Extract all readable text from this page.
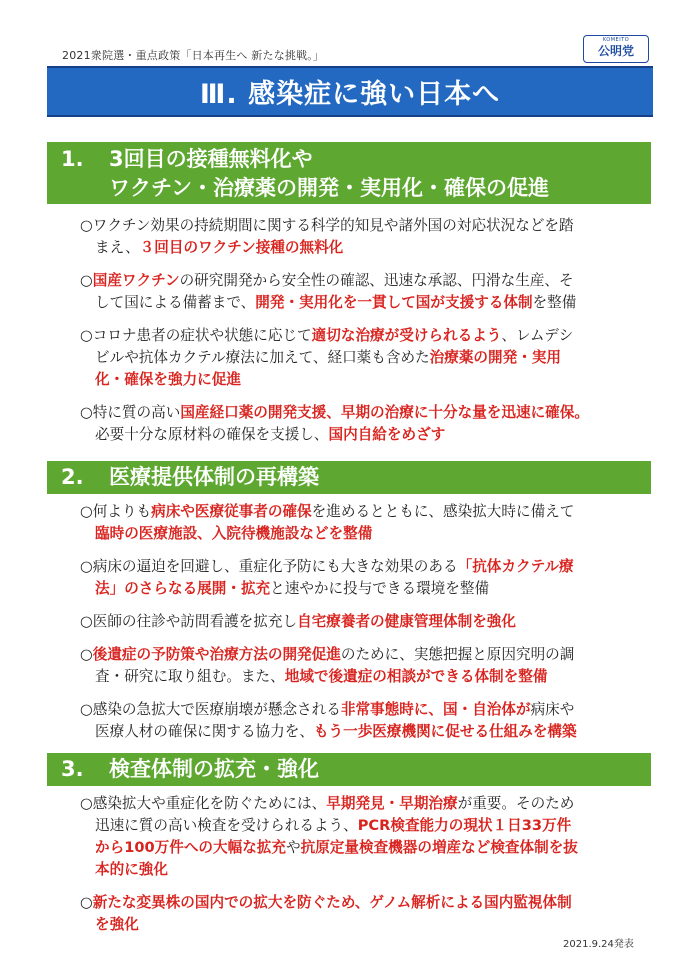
2021衆院選・重点政策「日本再生へ 新たな挑戦。」
KOMEITO
公明党
Ⅲ. 感染症に強い日本へ
1. 3回目の接種無料化や
ワクチン・治療薬の開発・実用化・確保の促進
○ワクチン効果の持続期間に関する科学的知見や諸外国の対応状況などを踏
まえ、３回目のワクチン接種の無料化
○国産ワクチンの研究開発から安全性の確認、迅速な承認、円滑な生産、そ
して国による備蓄まで、開発・実用化を一貫して国が支援する体制を整備
○コロナ患者の症状や状態に応じて適切な治療が受けられるよう、レムデシ
ビルや抗体カクテル療法に加えて、経口薬も含めた治療薬の開発・実用
化・確保を強力に促進
○特に質の高い国産経口薬の開発支援、早期の治療に十分な量を迅速に確保。
必要十分な原材料の確保を支援し、国内自給をめざす
2. 医療提供体制の再構築
○何よりも病床や医療従事者の確保を進めるとともに、感染拡大時に備えて
臨時の医療施設、入院待機施設などを整備
○病床の逼迫を回避し、重症化予防にも大きな効果のある「抗体カクテル療
法」のさらなる展開・拡充と速やかに投与できる環境を整備
○医師の往診や訪問看護を拡充し自宅療養者の健康管理体制を強化
○後遺症の予防策や治療方法の開発促進のために、実態把握と原因究明の調
査・研究に取り組む。また、地域で後遺症の相談ができる体制を整備
○感染の急拡大で医療崩壊が懸念される非常事態時に、国・自治体が病床や
医療人材の確保に関する協力を、もう一歩医療機関に促せる仕組みを構築
3. 検査体制の拡充・強化
○感染拡大や重症化を防ぐためには、早期発見・早期治療が重要。そのため
迅速に質の高い検査を受けられるよう、PCR検査能力の現状１日33万件
から100万件への大幅な拡充や抗原定量検査機器の増産など検査体制を抜
本的に強化
○新たな変異株の国内での拡大を防ぐため、ゲノム解析による国内監視体制
を強化
2021.9.24発表
